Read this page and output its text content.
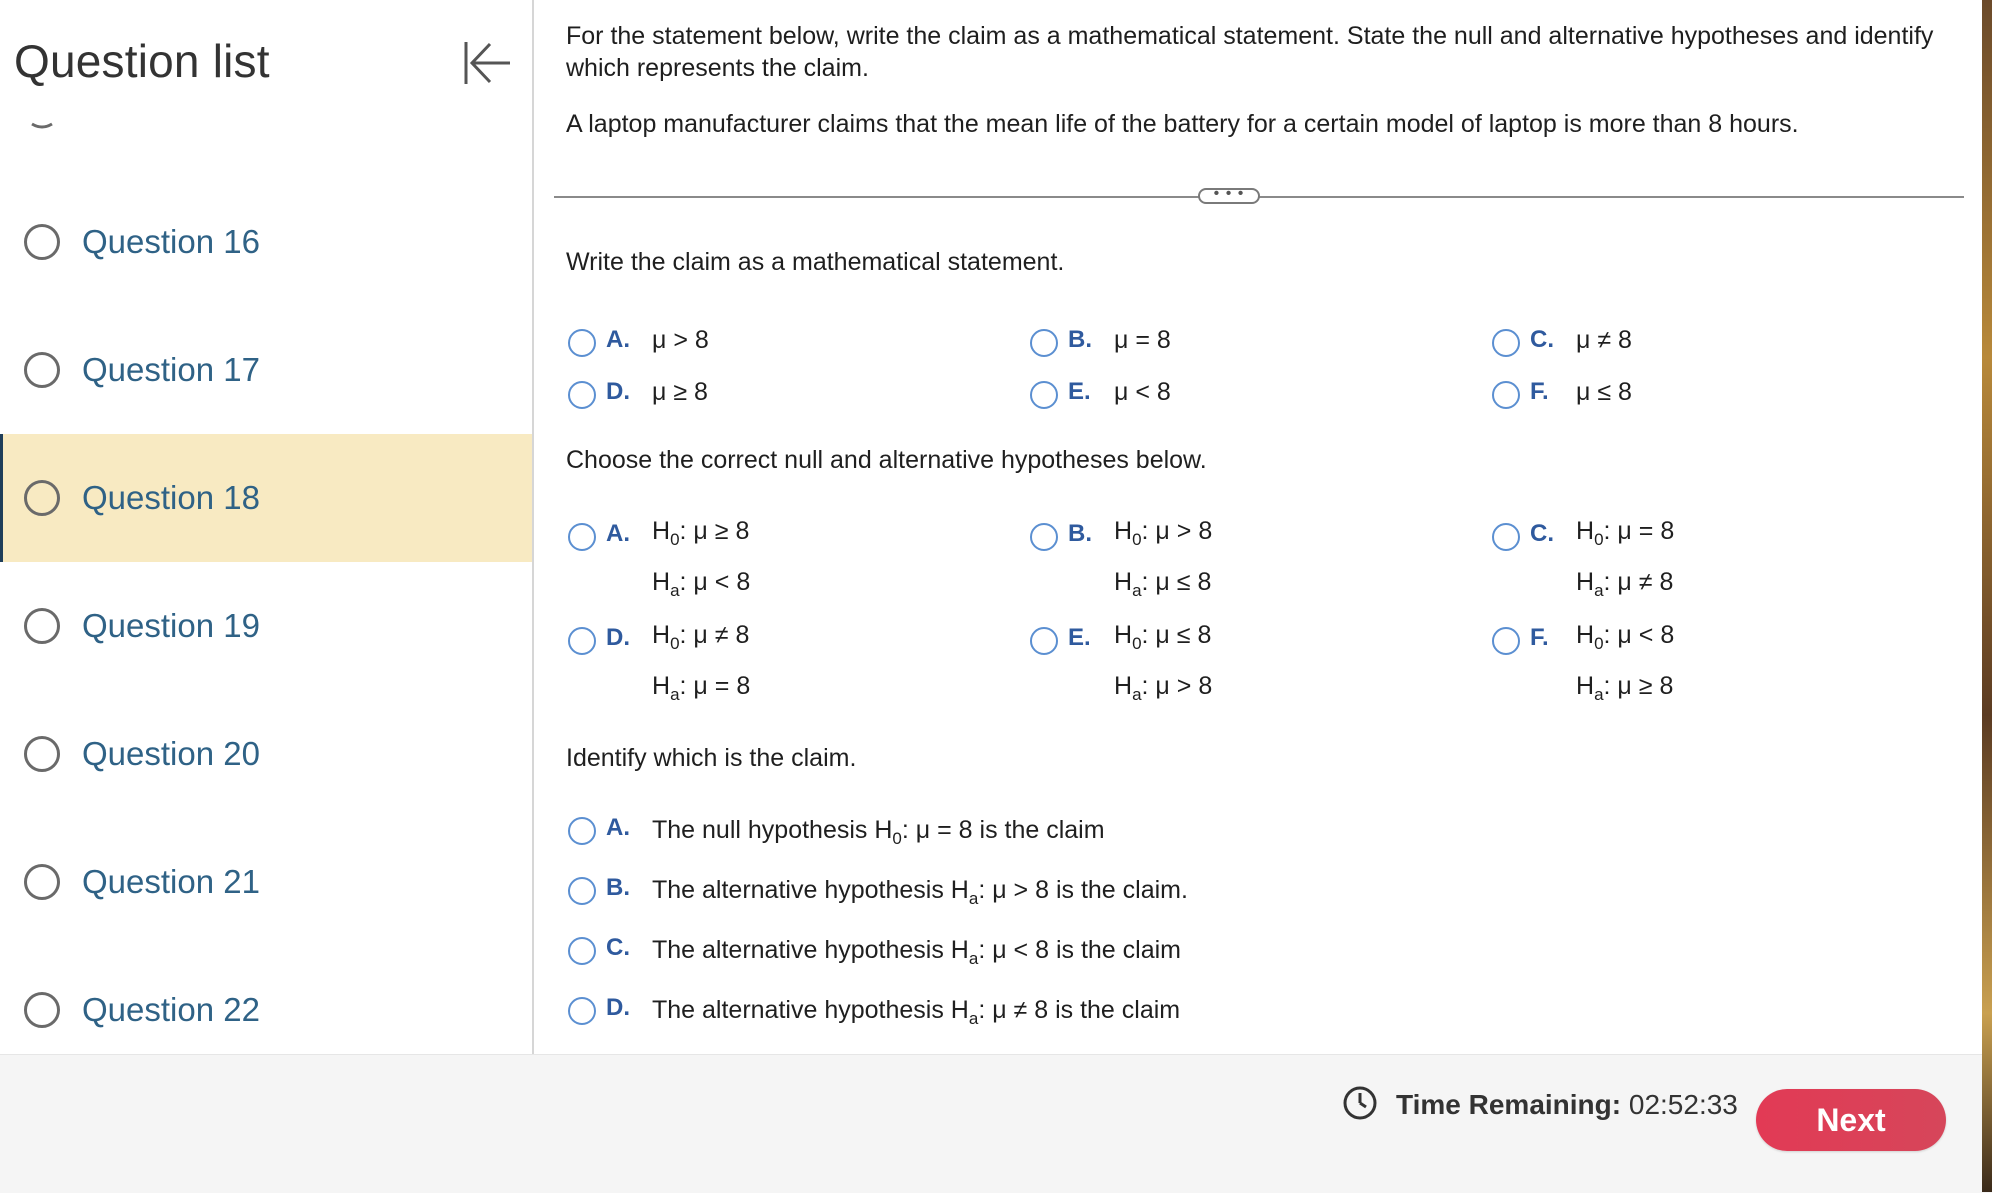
Question list
Question 16
Question 17
Question 18
Question 19
Question 20
Question 21
Question 22
For the statement below, write the claim as a mathematical statement. State the null and alternative hypotheses and identify which represents the claim.
A laptop manufacturer claims that the mean life of the battery for a certain model of laptop is more than 8 hours.
• • •
Write the claim as a mathematical statement.
A. μ > 8	B. μ = 8	C. μ ≠ 8
D. μ ≥ 8	E. μ < 8	F. μ ≤ 8
Choose the correct null and alternative hypotheses below.
A. $H_0$: μ ≥ 8
$H_a$: μ < 8
B. $H_0$: μ > 8
$H_a$: μ ≤ 8
C. $H_0$: μ = 8
$H_a$: μ ≠ 8
D. $H_0$: μ ≠ 8
$H_a$: μ = 8
E. $H_0$: μ ≤ 8
$H_a$: μ > 8
F. $H_0$: μ < 8
$H_a$: μ ≥ 8
Identify which is the claim.
A. The null hypothesis $H_0$: μ = 8 is the claim
B. The alternative hypothesis $H_a$: μ > 8 is the claim.
C. The alternative hypothesis $H_a$: μ < 8 is the claim
D. The alternative hypothesis $H_a$: μ ≠ 8 is the claim
Time Remaining: 02:52:33	Next
